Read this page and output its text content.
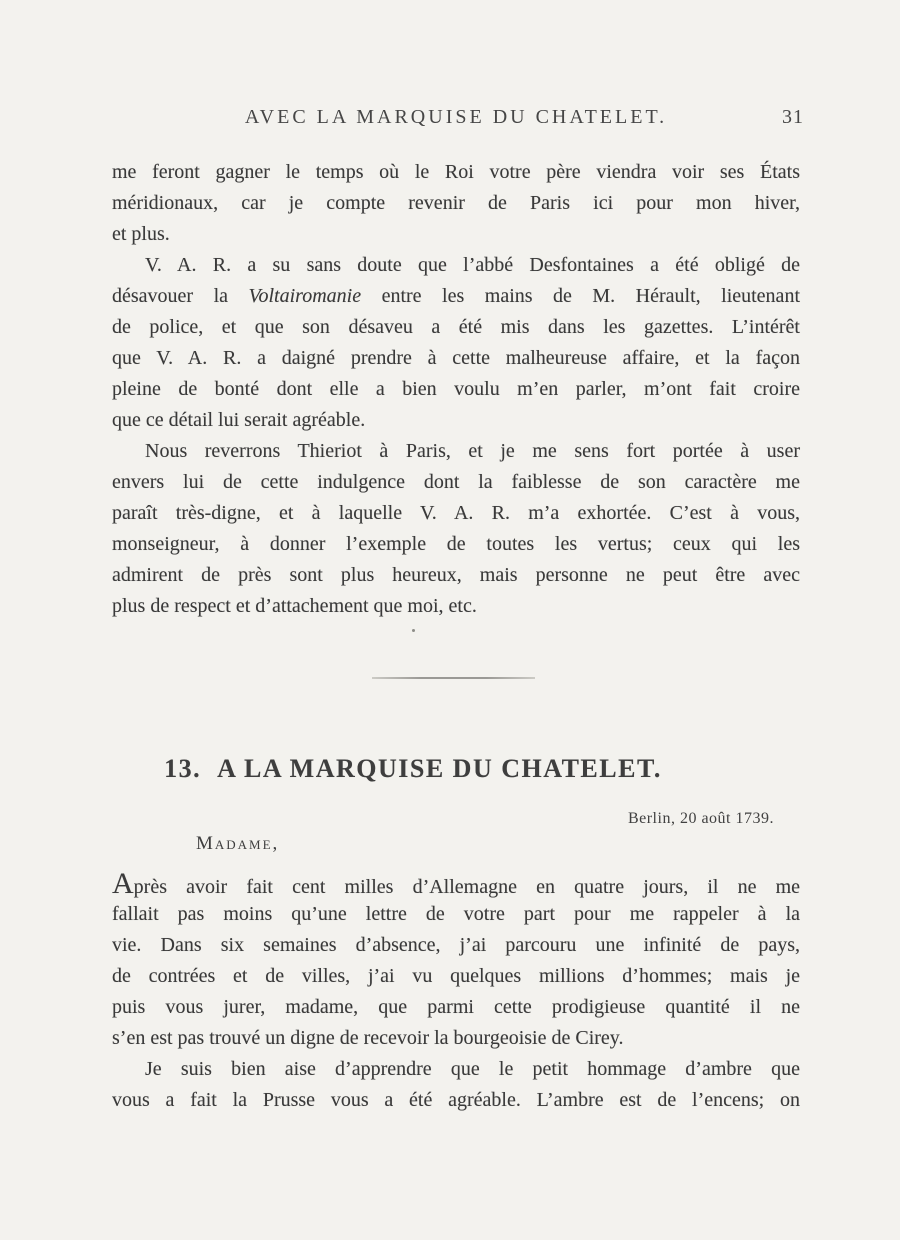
AVEC LA MARQUISE DU CHATELET.	31
me feront gagner le temps où le Roi votre père viendra voir ses États
méridionaux, car je compte revenir de Paris ici pour mon hiver,
et plus.
V. A. R. a su sans doute que l’abbé Desfontaines a été obligé de
désavouer la Voltairomanie entre les mains de M. Hérault, lieutenant
de police, et que son désaveu a été mis dans les gazettes. L’intérêt
que V. A. R. a daigné prendre à cette malheureuse affaire, et la façon
pleine de bonté dont elle a bien voulu m’en parler, m’ont fait croire
que ce détail lui serait agréable.
Nous reverrons Thieriot à Paris, et je me sens fort portée à user
envers lui de cette indulgence dont la faiblesse de son caractère me
paraît très-digne, et à laquelle V. A. R. m’a exhortée. C’est à vous,
monseigneur, à donner l’exemple de toutes les vertus; ceux qui les
admirent de près sont plus heureux, mais personne ne peut être avec
plus de respect et d’attachement que moi, etc.
13. A LA MARQUISE DU CHATELET.
Berlin, 20 août 1739.
Madame,
Après avoir fait cent milles d’Allemagne en quatre jours, il ne me
fallait pas moins qu’une lettre de votre part pour me rappeler à la
vie. Dans six semaines d’absence, j’ai parcouru une infinité de pays,
de contrées et de villes, j’ai vu quelques millions d’hommes; mais je
puis vous jurer, madame, que parmi cette prodigieuse quantité il ne
s’en est pas trouvé un digne de recevoir la bourgeoisie de Cirey.
Je suis bien aise d’apprendre que le petit hommage d’ambre que
vous a fait la Prusse vous a été agréable. L’ambre est de l’encens; on
